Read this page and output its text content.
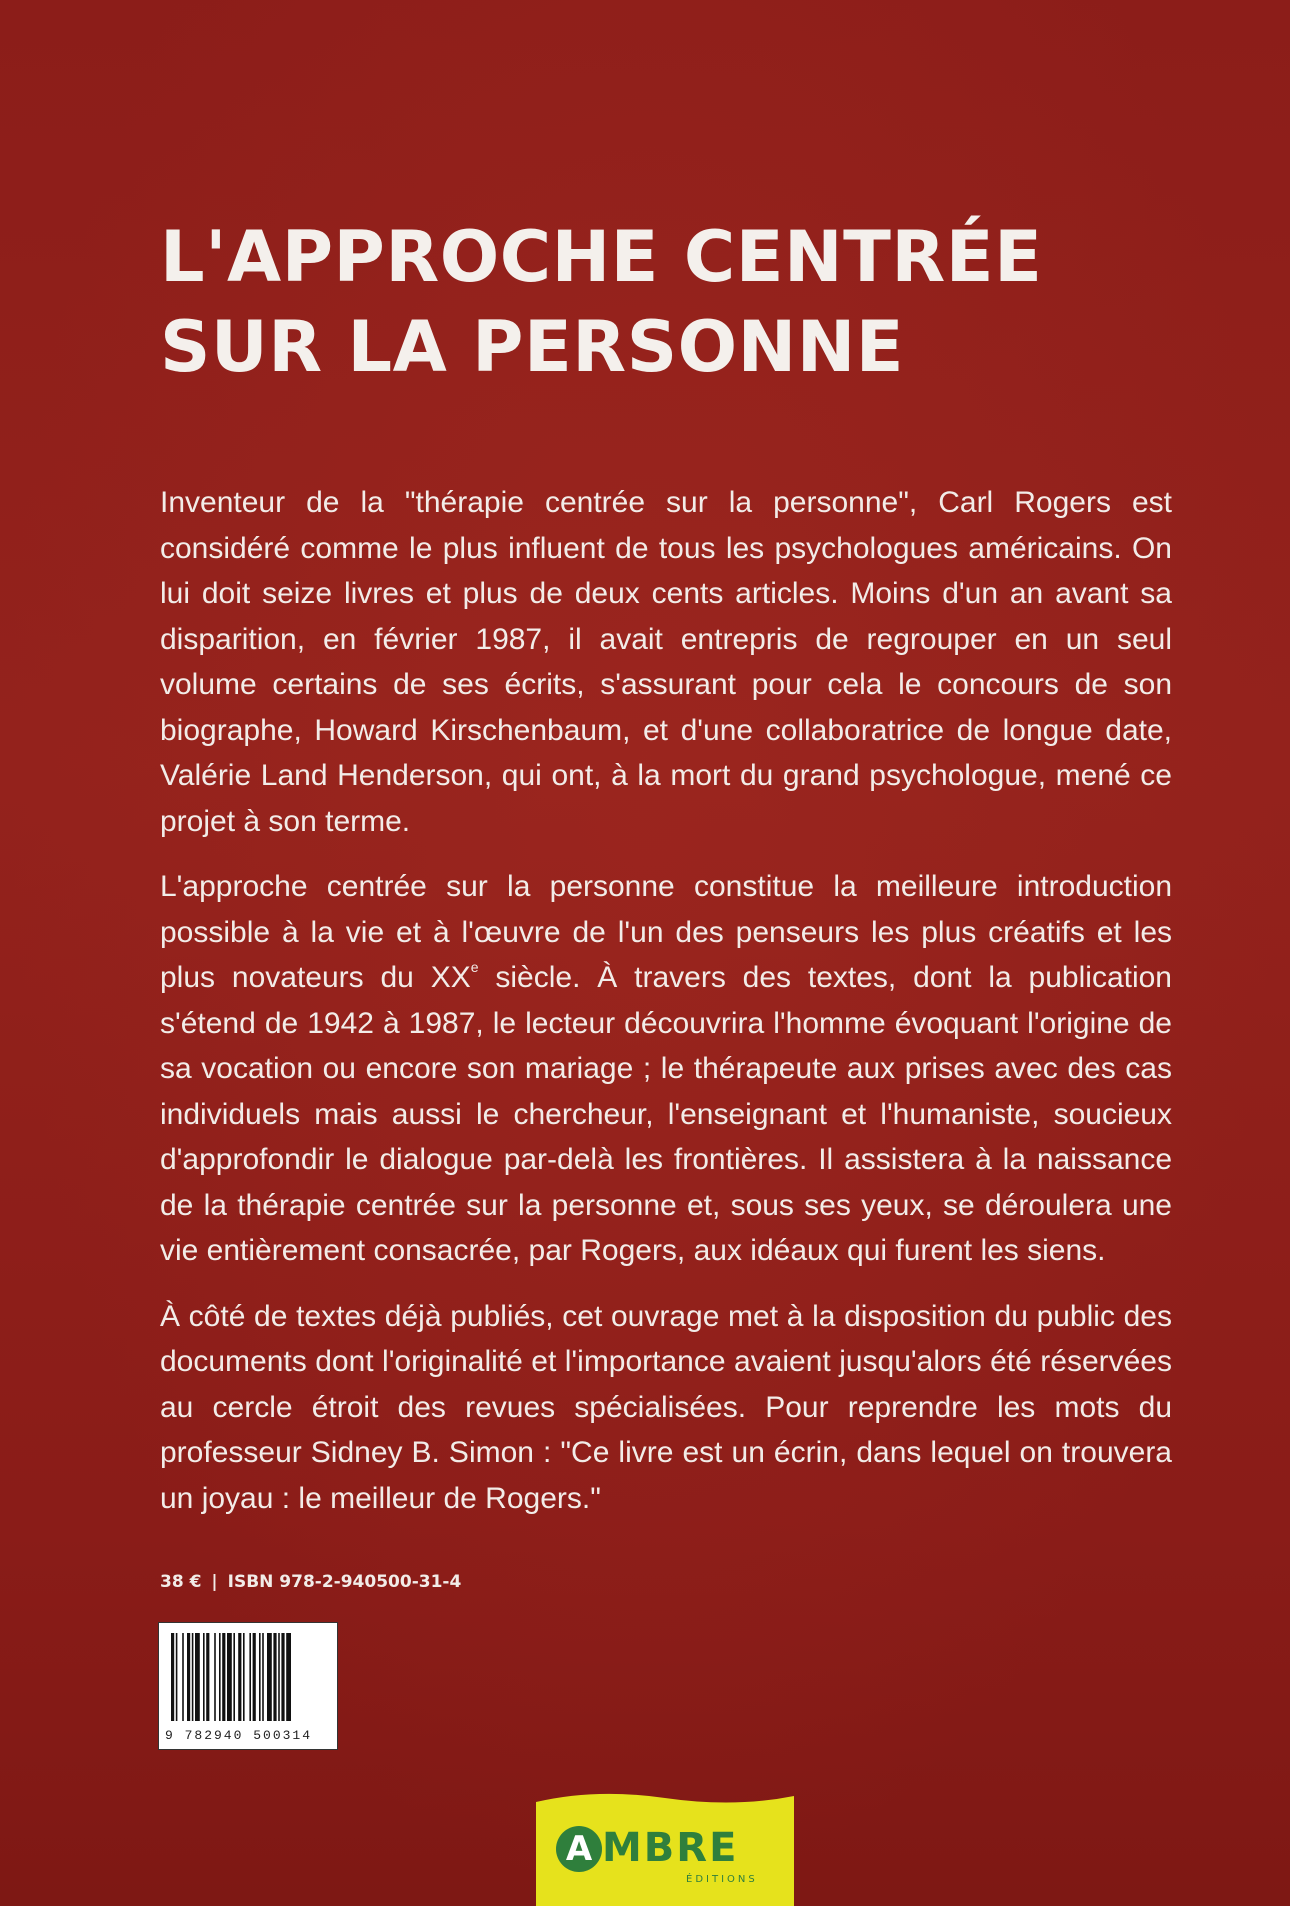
L'APPROCHE CENTRÉE
SUR LA PERSONNE

Inventeur de la "thérapie centrée sur la personne", Carl Rogers est considéré comme le plus influent de tous les psychologues américains. On lui doit seize livres et plus de deux cents articles. Moins d'un an avant sa disparition, en février 1987, il avait entrepris de regrouper en un seul volume certains de ses écrits, s'assurant pour cela le concours de son biographe, Howard Kirschenbaum, et d'une collaboratrice de longue date, Valérie Land Henderson, qui ont, à la mort du grand psychologue, mené ce projet à son terme.

L'approche centrée sur la personne constitue la meilleure introduction possible à la vie et à l'œuvre de l'un des penseurs les plus créatifs et les plus novateurs du XXe siècle. À travers des textes, dont la publication s'étend de 1942 à 1987, le lecteur découvrira l'homme évoquant l'origine de sa vocation ou encore son mariage ; le thérapeute aux prises avec des cas individuels mais aussi le chercheur, l'enseignant et l'humaniste, soucieux d'approfondir le dialogue par-delà les frontières. Il assistera à la naissance de la thérapie centrée sur la personne et, sous ses yeux, se déroulera une vie entièrement consacrée, par Rogers, aux idéaux qui furent les siens.

À côté de textes déjà publiés, cet ouvrage met à la disposition du public des documents dont l'originalité et l'importance avaient jusqu'alors été réservées au cercle étroit des revues spécialisées. Pour reprendre les mots du professeur Sidney B. Simon : "Ce livre est un écrin, dans lequel on trouvera un joyau : le meilleur de Rogers."

38 € | ISBN 978-2-940500-31-4
9 782940 500314
A MBRE
ÉDITIONS
